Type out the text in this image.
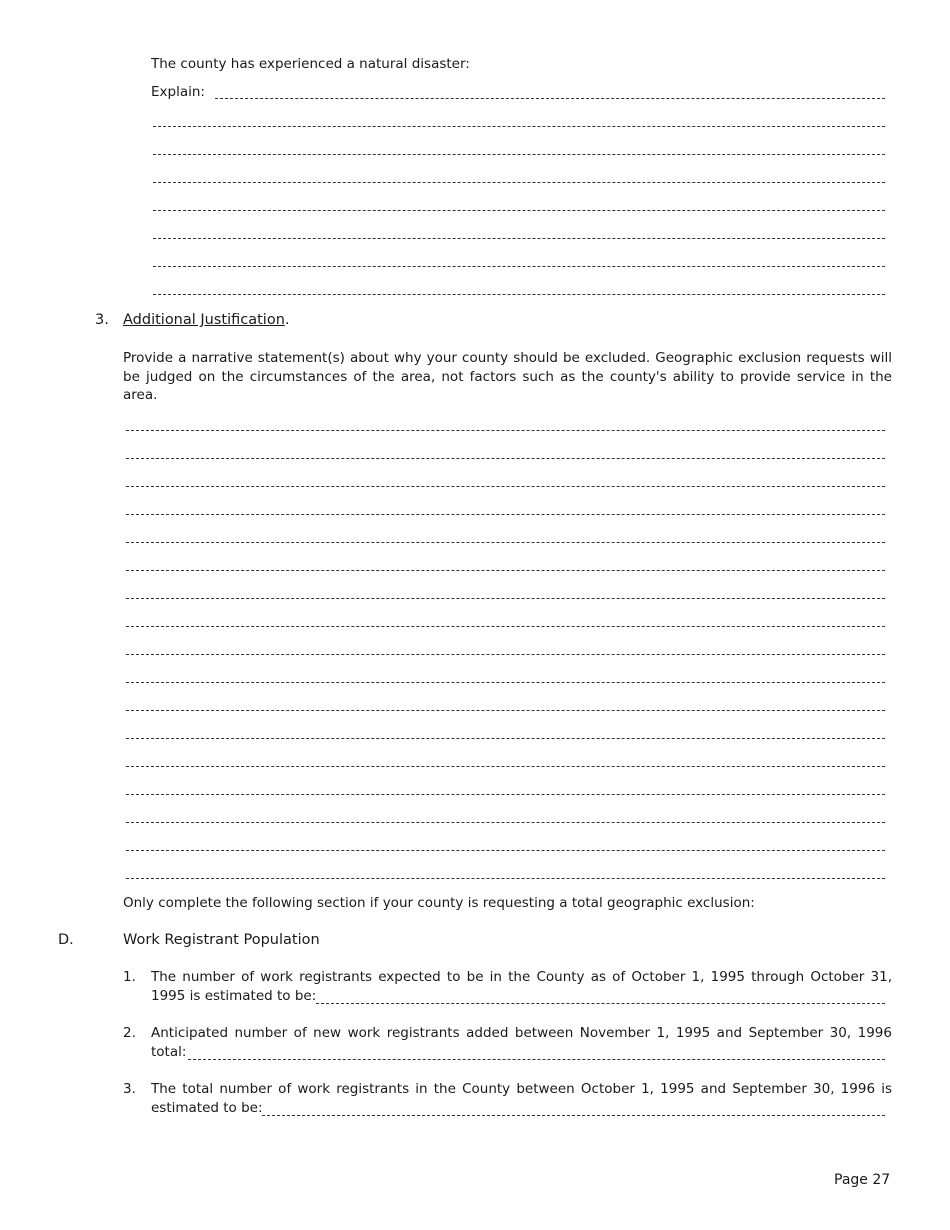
The county has experienced a natural disaster:
Explain:
3. Additional Justification.
Provide a narrative statement(s) about why your county should be excluded. Geographic exclusion requests will be judged on the circumstances of the area, not factors such as the county's ability to provide service in the area.
Only complete the following section if your county is requesting a total geographic exclusion:
D.	Work Registrant Population
1. The number of work registrants expected to be in the County as of October 1, 1995 through October 31,
1995 is estimated to be:
2. Anticipated number of new work registrants added between November 1, 1995 and September 30, 1996
total:
3. The total number of work registrants in the County between October 1, 1995 and September 30, 1996 is
estimated to be:
Page 27
